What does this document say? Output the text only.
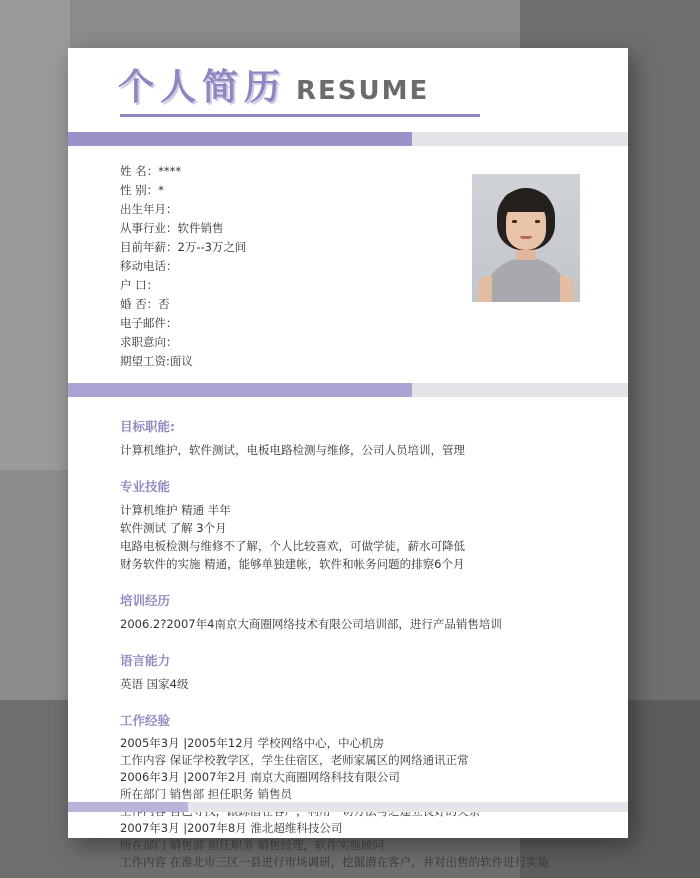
个人简历 RESUME
姓 名：****
性 别：*
出生年月：
从事行业：软件销售
目前年薪：2万--3万之间
移动电话：
户 口：
婚 否：否
电子邮件：
求职意向：
期望工资:面议
目标职能:
计算机维护，软件测试，电板电路检测与维修，公司人员培训，管理
专业技能
计算机维护 精通 半年
软件测试 了解 3个月
电路电板检测与维修不了解，个人比较喜欢，可做学徒，薪水可降低
财务软件的实施 精通，能够单独建帐，软件和帐务问题的排察6个月
培训经历
2006.2?2007年4南京大商圈网络技术有限公司培训部，进行产品销售培训
语言能力
英语 国家4级
工作经验
2005年3月 |2005年12月 学校网络中心，中心机房
工作内容 保证学校教学区，学生住宿区，老师家属区的网络通讯正常
2006年3月 |2007年2月 南京大商圈网络科技有限公司
所在部门 销售部 担任职务 销售员
2007年3月 |2007年8月 淮北超维科技公司
所在部门 销售部 担任职务 销售经理，软件实施顾问
工作内容 在淮北市三区一县进行市场调研，挖掘潜在客户，并对出售的软件进行实施
